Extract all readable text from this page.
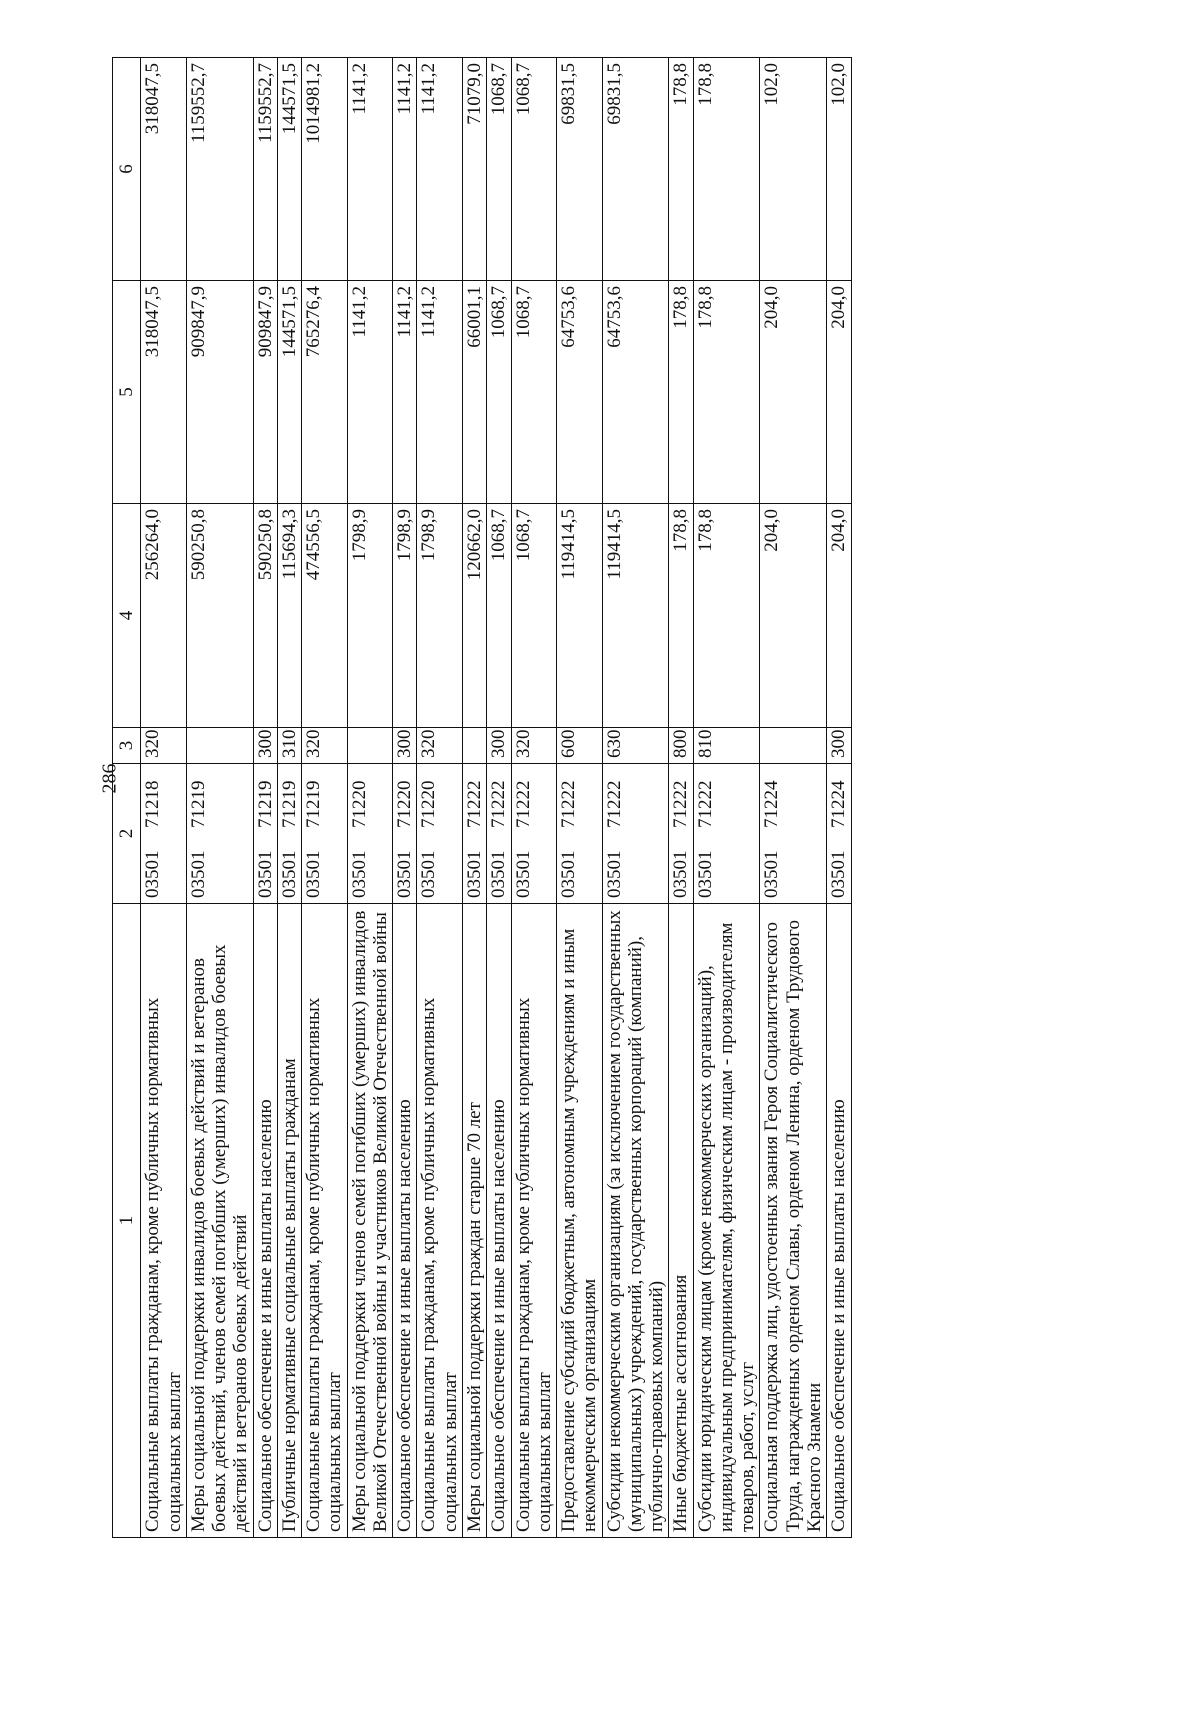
286
1	2	3	4	5	6
Социальные выплаты гражданам, кроме публичных нормативных социальных выплат	0350171218	320	256264,0	318047,5	318047,5
Меры социальной поддержки инвалидов боевых действий и ветеранов боевых действий, членов семей погибших (умерших) инвалидов боевых действий и ветеранов боевых действий	0350171219		590250,8	909847,9	1159552,7
Социальное обеспечение и иные выплаты населению	0350171219	300	590250,8	909847,9	1159552,7
Публичные нормативные социальные выплаты гражданам	0350171219	310	115694,3	144571,5	144571,5
Социальные выплаты гражданам, кроме публичных нормативных социальных выплат	0350171219	320	474556,5	765276,4	1014981,2
Меры социальной поддержки членов семей погибших (умерших) инвалидов Великой Отечественной войны и участников Великой Отечественной войны	0350171220		1798,9	1141,2	1141,2
Социальное обеспечение и иные выплаты населению	0350171220	300	1798,9	1141,2	1141,2
Социальные выплаты гражданам, кроме публичных нормативных социальных выплат	0350171220	320	1798,9	1141,2	1141,2
Меры социальной поддержки граждан старше 70 лет	0350171222		120662,0	66001,1	71079,0
Социальное обеспечение и иные выплаты населению	0350171222	300	1068,7	1068,7	1068,7
Социальные выплаты гражданам, кроме публичных нормативных социальных выплат	0350171222	320	1068,7	1068,7	1068,7
Предоставление субсидий бюджетным, автономным учреждениям и иным некоммерческим организациям	0350171222	600	119414,5	64753,6	69831,5
Субсидии некоммерческим организациям (за исключением государственных (муниципальных) учреждений, государственных корпораций (компаний), публично-правовых компаний)	0350171222	630	119414,5	64753,6	69831,5
Иные бюджетные ассигнования	0350171222	800	178,8	178,8	178,8
Субсидии юридическим лицам (кроме некоммерческих организаций), индивидуальным предпринимателям, физическим лицам - производителям товаров, работ, услуг	0350171222	810	178,8	178,8	178,8
Социальная поддержка лиц, удостоенных звания Героя Социалистического Труда, награжденных орденом Славы, орденом Ленина, орденом Трудового Красного Знамени	0350171224		204,0	204,0	102,0
Социальное обеспечение и иные выплаты населению	0350171224	300	204,0	204,0	102,0
